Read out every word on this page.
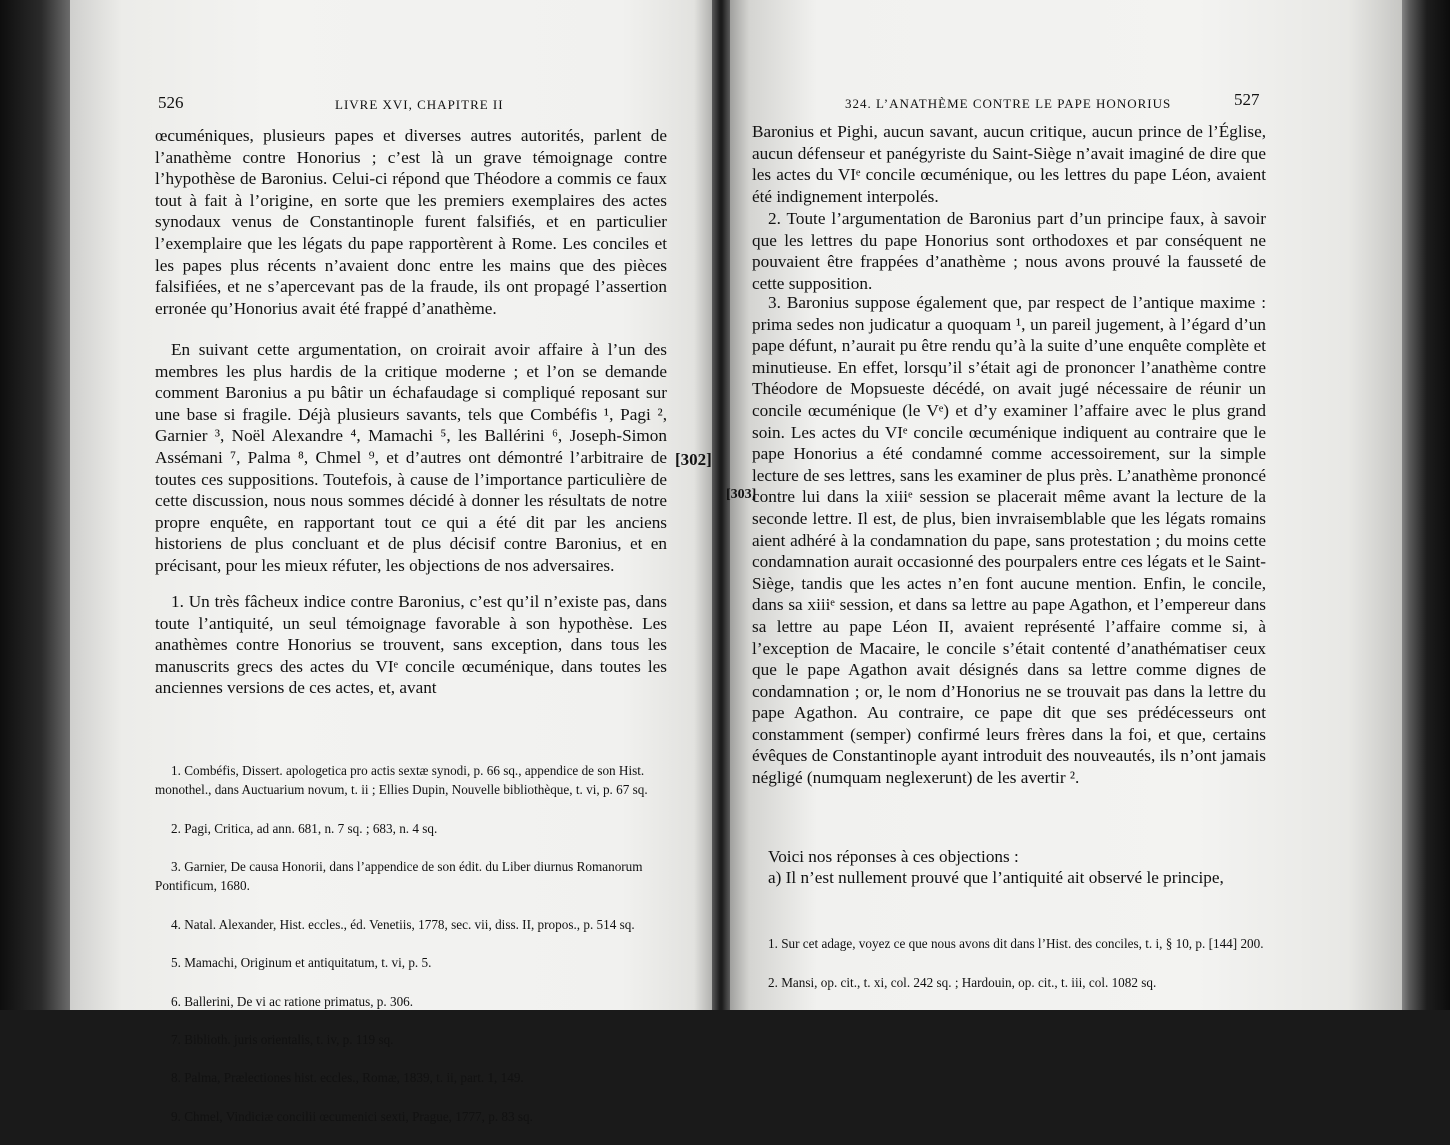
526	LIVRE XVI, CHAPITRE II
œcuméniques, plusieurs papes et diverses autres autorités, parlent de l’anathème contre Honorius ; c’est là un grave témoignage contre l’hypothèse de Baronius. Celui-ci répond que Théodore a commis ce faux tout à fait à l’origine, en sorte que les premiers exemplaires des actes synodaux venus de Constantinople furent falsifiés, et en particulier l’exemplaire que les légats du pape rapportèrent à Rome. Les conciles et les papes plus récents n’avaient donc entre les mains que des pièces falsifiées, et ne s’apercevant pas de la fraude, ils ont propagé l’assertion erronée qu’Honorius avait été frappé d’anathème.
En suivant cette argumentation, on croirait avoir affaire à l’un des membres les plus hardis de la critique moderne ; et l’on se demande comment Baronius a pu bâtir un échafaudage si compliqué reposant sur une base si fragile. Déjà plusieurs savants, tels que Combéfis ¹, Pagi ², Garnier ³, Noël Alexandre ⁴, Mamachi ⁵, les Ballérini ⁶, Joseph-Simon Assémani ⁷, Palma ⁸, Chmel ⁹, et d’autres ont démontré l’arbitraire de toutes ces suppositions. Toutefois, à cause de l’importance particulière de cette discussion, nous nous sommes décidé à donner les résultats de notre propre enquête, en rapportant tout ce qui a été dit par les anciens historiens de plus concluant et de plus décisif contre Baronius, et en précisant, pour les mieux réfuter, les objections de nos adversaires.
1. Un très fâcheux indice contre Baronius, c’est qu’il n’existe pas, dans toute l’antiquité, un seul témoignage favorable à son hypothèse. Les anathèmes contre Honorius se trouvent, sans exception, dans tous les manuscrits grecs des actes du VIᵉ concile œcuménique, dans toutes les anciennes versions de ces actes, et, avant
[302]

1. Combéfis, Dissert. apologetica pro actis sextæ synodi, p. 66 sq., appendice de son Hist. monothel., dans Auctuarium novum, t. ii ; Ellies Dupin, Nouvelle bibliothèque, t. vi, p. 67 sq.

2. Pagi, Critica, ad ann. 681, n. 7 sq. ; 683, n. 4 sq.

3. Garnier, De causa Honorii, dans l’appendice de son édit. du Liber diurnus Romanorum Pontificum, 1680.

4. Natal. Alexander, Hist. eccles., éd. Venetiis, 1778, sec. vii, diss. II, propos., p. 514 sq.

5. Mamachi, Originum et antiquitatum, t. vi, p. 5.

6. Ballerini, De vi ac ratione primatus, p. 306.

7. Biblioth. juris orientalis, t. iv, p. 119 sq.

8. Palma, Prælectiones hist. eccles., Romæ, 1839, t. ii, part. 1, 149.

9. Chmel, Vindiciæ concilii œcumenici sexti, Prague, 1777, p. 83 sq.

324. L’ANATHÈME CONTRE LE PAPE HONORIUS	527
Baronius et Pighi, aucun savant, aucun critique, aucun prince de l’Église, aucun défenseur et panégyriste du Saint-Siège n’avait imaginé de dire que les actes du VIᵉ concile œcuménique, ou les lettres du pape Léon, avaient été indignement interpolés.
2. Toute l’argumentation de Baronius part d’un principe faux, à savoir que les lettres du pape Honorius sont orthodoxes et par conséquent ne pouvaient être frappées d’anathème ; nous avons prouvé la fausseté de cette supposition.
3. Baronius suppose également que, par respect de l’antique maxime : prima sedes non judicatur a quoquam ¹, un pareil jugement, à l’égard d’un pape défunt, n’aurait pu être rendu qu’à la suite d’une enquête complète et minutieuse. En effet, lorsqu’il s’était agi de prononcer l’anathème contre Théodore de Mopsueste décédé, on avait jugé nécessaire de réunir un concile œcuménique (le Vᵉ) et d’y examiner l’affaire avec le plus grand soin. Les actes du VIᵉ concile œcuménique indiquent au contraire que le pape Honorius a été condamné comme accessoirement, sur la simple lecture de ses lettres, sans les examiner de plus près. L’anathème prononcé contre lui dans la xiiiᵉ session se placerait même avant la lecture de la seconde lettre. Il est, de plus, bien invraisemblable que les légats romains aient adhéré à la condamnation du pape, sans protestation ; du moins cette condamnation aurait occasionné des pourpalers entre ces légats et le Saint-Siège, tandis que les actes n’en font aucune mention. Enfin, le concile, dans sa xiiiᵉ session, et dans sa lettre au pape Agathon, et l’empereur dans sa lettre au pape Léon II, avaient représenté l’affaire comme si, à l’exception de Macaire, le concile s’était contenté d’anathématiser ceux que le pape Agathon avait désignés dans sa lettre comme dignes de condamnation ; or, le nom d’Honorius ne se trouvait pas dans la lettre du pape Agathon. Au contraire, ce pape dit que ses prédécesseurs ont constamment (semper) confirmé leurs frères dans la foi, et que, certains évêques de Constantinople ayant introduit des nouveautés, ils n’ont jamais négligé (numquam neglexerunt) de les avertir ².
Voici nos réponses à ces objections :
a) Il n’est nullement prouvé que l’antiquité ait observé le principe,
[303]

1. Sur cet adage, voyez ce que nous avons dit dans l’Hist. des conciles, t. i, § 10, p. [144] 200.

2. Mansi, op. cit., t. xi, col. 242 sq. ; Hardouin, op. cit., t. iii, col. 1082 sq.
